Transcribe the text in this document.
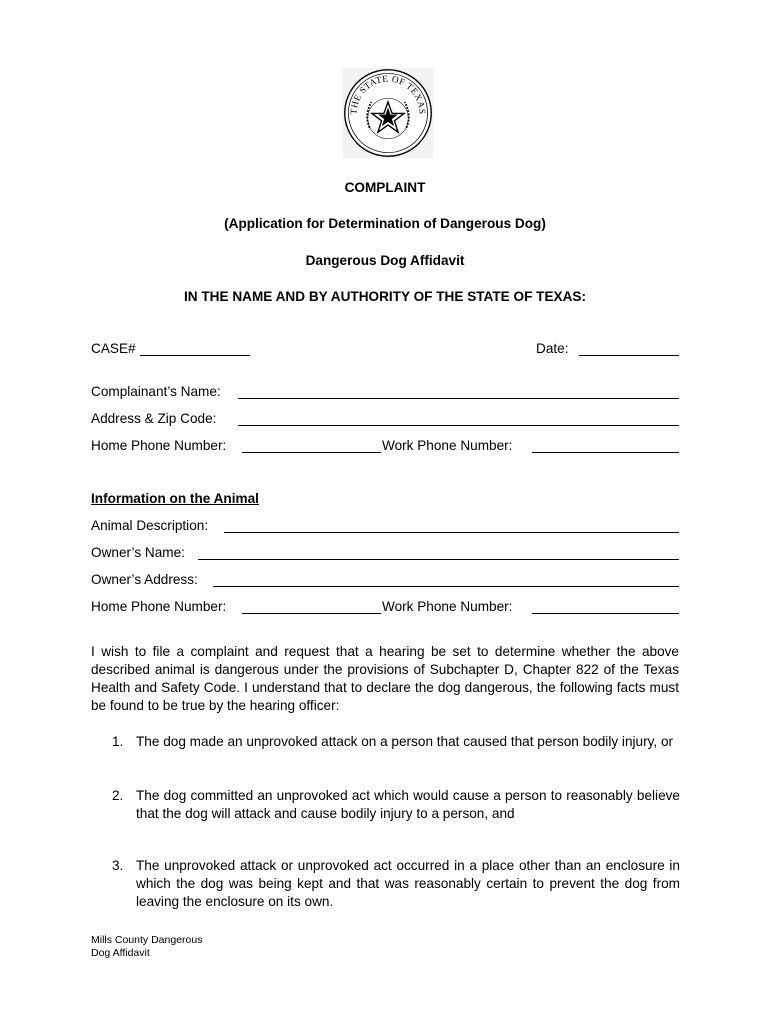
THE STATE OF TEXAS
COMPLAINT
(Application for Determination of Dangerous Dog)
Dangerous Dog Affidavit
IN THE NAME AND BY AUTHORITY OF THE STATE OF TEXAS:
CASE#	Date:
Complainant’s Name:
Address & Zip Code:
Home Phone Number:	Work Phone Number:
Information on the Animal
Animal Description:
Owner’s Name:
Owner’s Address:
Home Phone Number:	Work Phone Number:
I wish to file a complaint and request that a hearing be set to determine whether the above described animal is dangerous under the provisions of Subchapter D, Chapter 822 of the Texas Health and Safety Code. I understand that to declare the dog dangerous, the following facts must be found to be true by the hearing officer:
1. The dog made an unprovoked attack on a person that caused that person bodily injury, or
2. The dog committed an unprovoked act which would cause a person to reasonably believe that the dog will attack and cause bodily injury to a person, and
3. The unprovoked attack or unprovoked act occurred in a place other than an enclosure in which the dog was being kept and that was reasonably certain to prevent the dog from leaving the enclosure on its own.
Mills County Dangerous
Dog Affidavit
